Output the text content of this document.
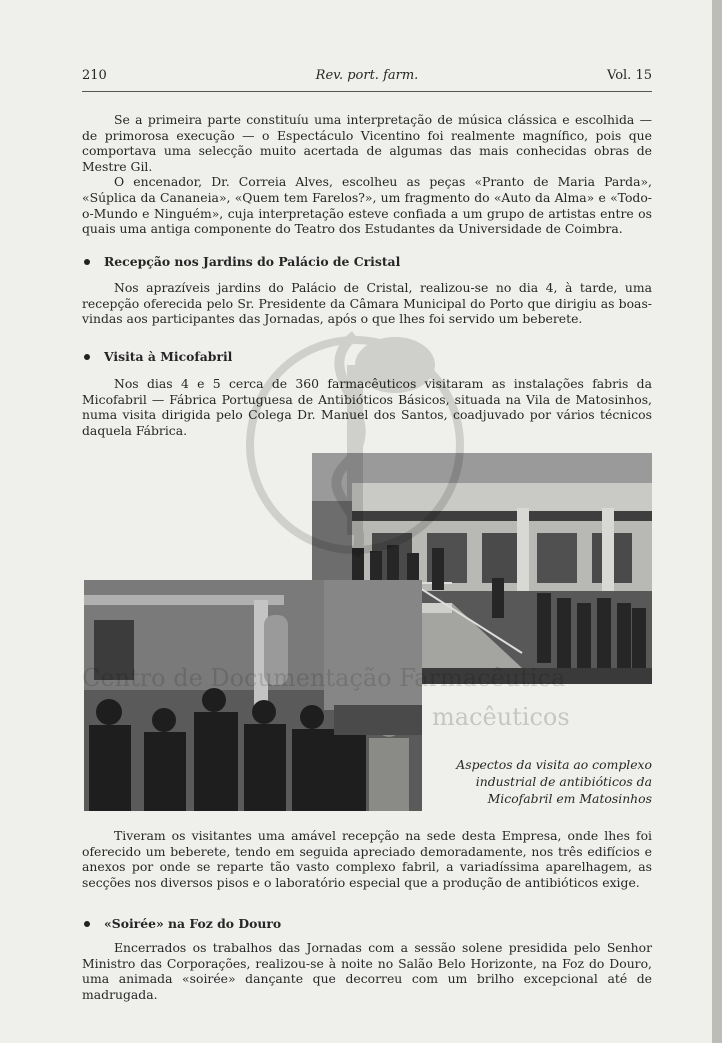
210	Rev. port. farm.	Vol. 15

Se a primeira parte constituíu uma interpretação de música clássica e escolhida — de primorosa execução — o Espectáculo Vicentino foi realmente magnífico, pois que comportava uma selecção muito acertada de algumas das mais conhecidas obras de Mestre Gil.

O encenador, Dr. Correia Alves, escolheu as peças «Pranto de Maria Parda», «Súplica da Cananeia», «Quem tem Farelos?», um fragmento do «Auto da Alma» e «Todo-o-Mundo e Ninguém», cuja interpretação esteve confiada a um grupo de artistas entre os quais uma antiga componente do Teatro dos Estudantes da Universidade de Coimbra.

Recepção nos Jardins do Palácio de Cristal

Nos aprazíveis jardins do Palácio de Cristal, realizou-se no dia 4, à tarde, uma recepção oferecida pelo Sr. Presidente da Câmara Municipal do Porto que dirigiu as boas-vindas aos participantes das Jornadas, após o que lhes foi servido um beberete.

Visita à Micofabril

Nos dias 4 e 5 cerca de 360 farmacêuticos visitaram as instalações fabris da Micofabril — Fábrica Portuguesa de Antibióticos Básicos, situada na Vila de Matosinhos, numa visita dirigida pelo Colega Dr. Manuel dos Santos, coadjuvado por vários técnicos daquela Fábrica.

Aspectos da visita ao complexo industrial de antibióticos da Micofabril em Matosinhos

Tiveram os visitantes uma amável recepção na sede desta Empresa, onde lhes foi oferecido um beberete, tendo em seguida apreciado demoradamente, nos três edifícios e anexos por onde se reparte tão vasto complexo fabril, a variadíssima aparelhagem, as secções nos diversos pisos e o laboratório especial que a produção de antibióticos exige.

«Soirée» na Foz do Douro

Encerrados os trabalhos das Jornadas com a sessão solene presidida pelo Senhor Ministro das Corporações, realizou-se à noite no Salão Belo Horizonte, na Foz do Douro, uma animada «soirée» dançante que decorreu com um brilho excepcional até de madrugada.

Centro de Documentação Farmacêutica
macêuticos
